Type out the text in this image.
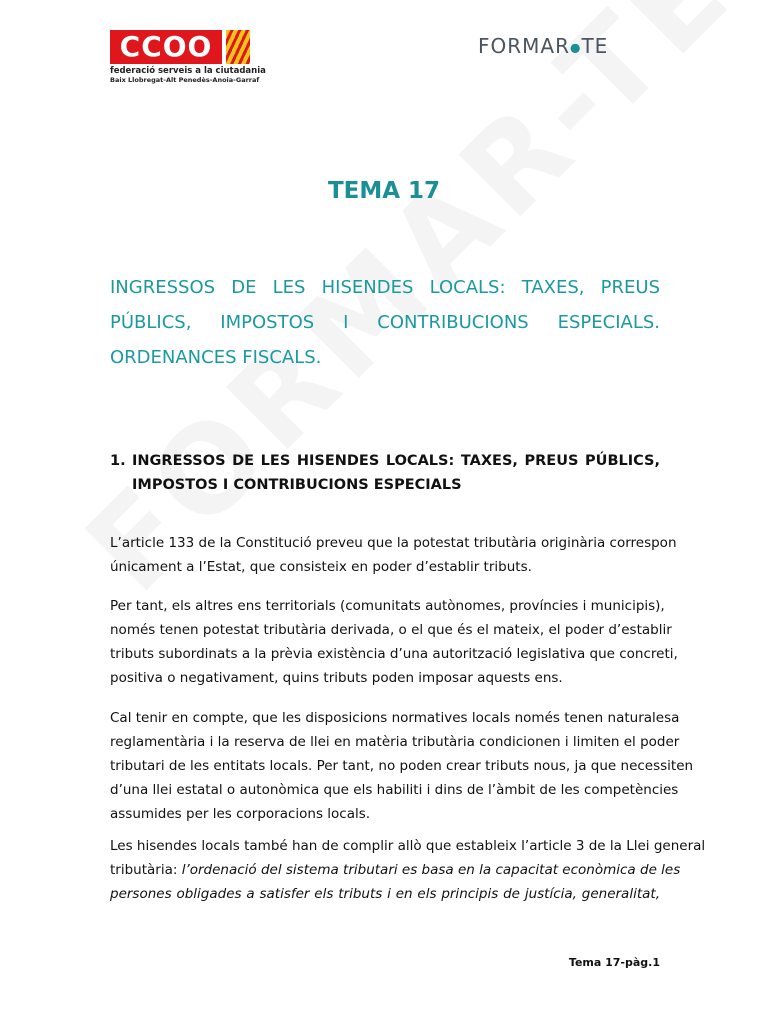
CCOO
federació serveis a la ciutadania
Baix Llobregat-Alt Penedès-Anoia-Garraf
FORMAR●TE
TEMA 17
INGRESSOS DE LES HISENDES LOCALS: TAXES, PREUS
PÚBLICS, IMPOSTOS I CONTRIBUCIONS ESPECIALS.
ORDENANCES FISCALS.
1. INGRESSOS DE LES HISENDES LOCALS: TAXES, PREUS PÚBLICS,
IMPOSTOS I CONTRIBUCIONS ESPECIALS
L’article 133 de la Constitució preveu que la potestat tributària originària correspon
únicament a l’Estat, que consisteix en poder d’establir tributs.
Per tant, els altres ens territorials (comunitats autònomes, províncies i municipis),
només tenen potestat tributària derivada, o el que és el mateix, el poder d’establir
tributs subordinats a la prèvia existència d’una autorització legislativa que concreti,
positiva o negativament, quins tributs poden imposar aquests ens.
Cal tenir en compte, que les disposicions normatives locals només tenen naturalesa
reglamentària i la reserva de llei en matèria tributària condicionen i limiten el poder
tributari de les entitats locals. Per tant, no poden crear tributs nous, ja que necessiten
d’una llei estatal o autonòmica que els habiliti i dins de l’àmbit de les competències
assumides per les corporacions locals.
Les hisendes locals també han de complir allò que estableix l’article 3 de la Llei general
tributària: l’ordenació del sistema tributari es basa en la capacitat econòmica de les
persones obligades a satisfer els tributs i en els principis de justícia, generalitat,
Tema 17-pàg.1
